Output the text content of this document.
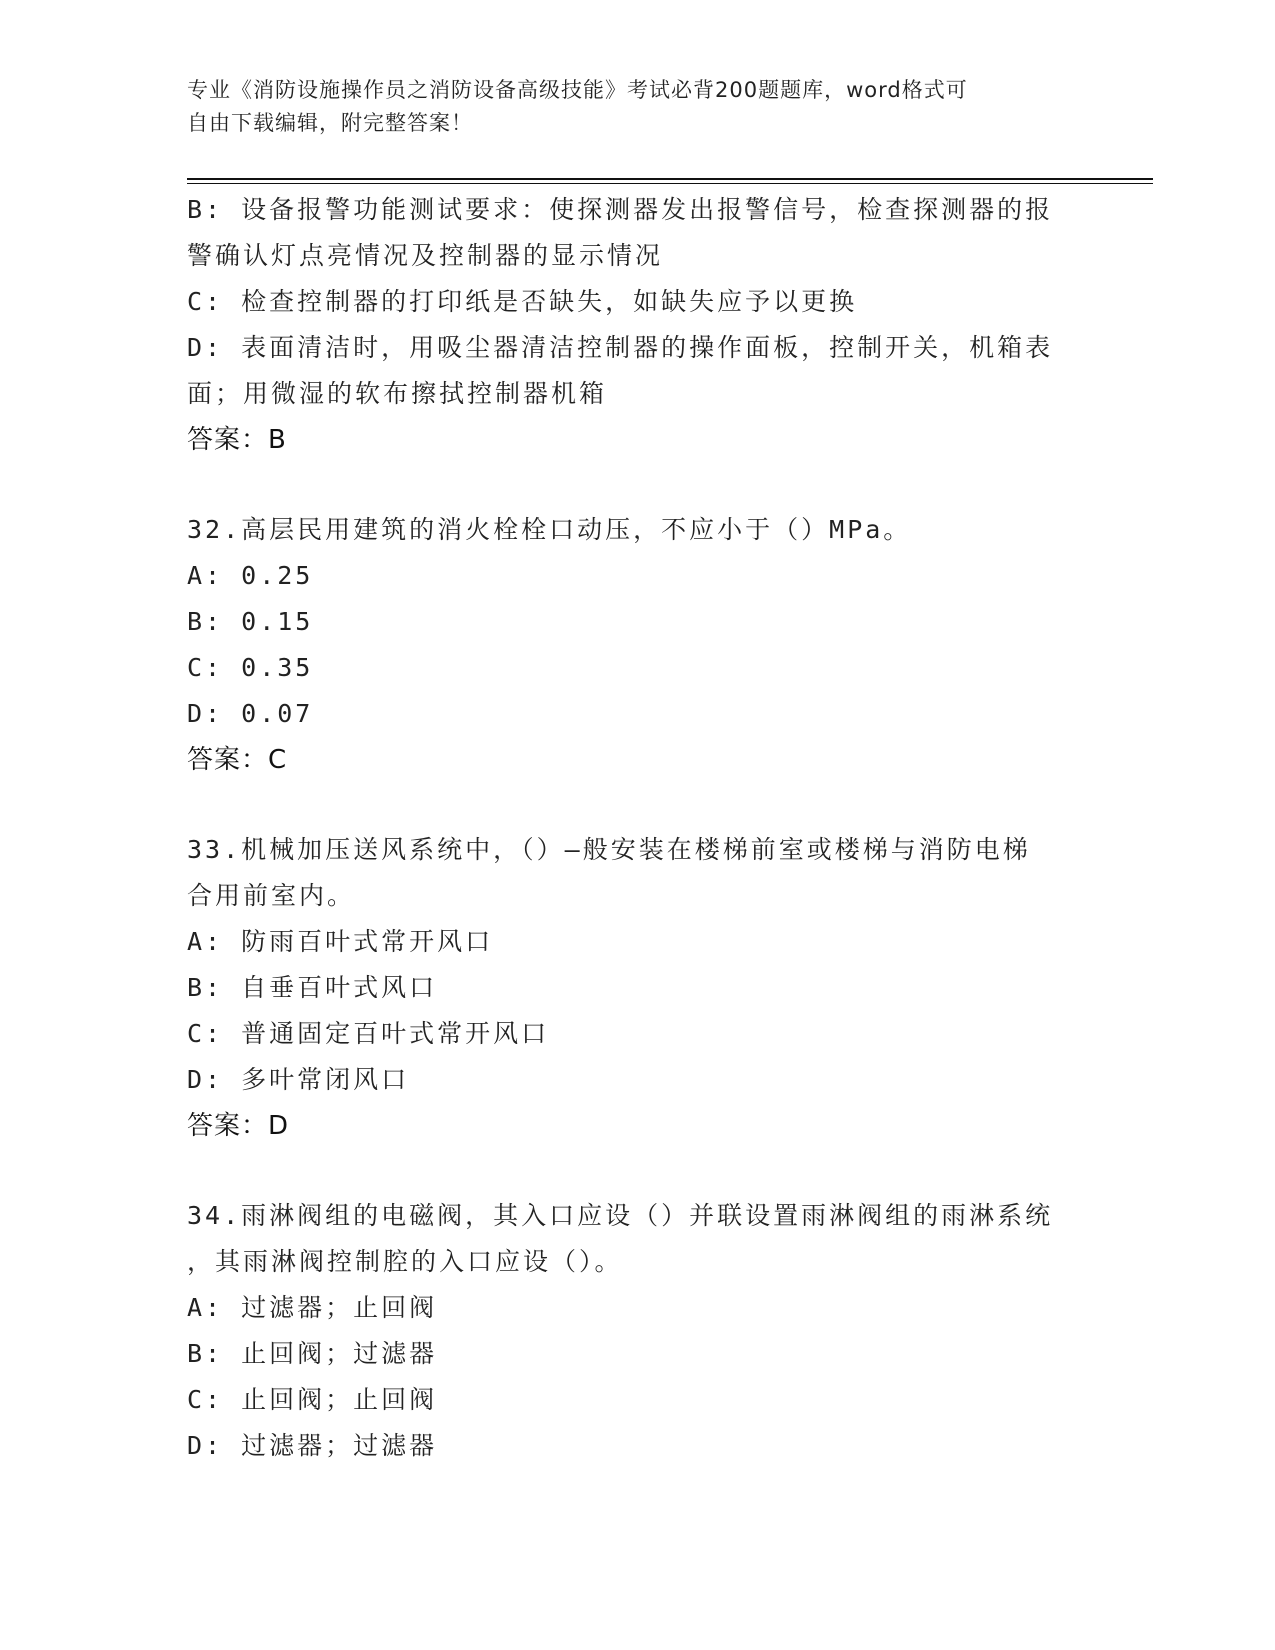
专业《消防设施操作员之消防设备高级技能》考试必背200题题库，word格式可
自由下载编辑，附完整答案！
B: 设备报警功能测试要求：使探测器发出报警信号，检查探测器的报
警确认灯点亮情况及控制器的显示情况
C: 检查控制器的打印纸是否缺失，如缺失应予以更换
D: 表面清洁时，用吸尘器清洁控制器的操作面板，控制开关，机箱表
面；用微湿的软布擦拭控制器机箱
答案：B
32.高层民用建筑的消火栓栓口动压，不应小于（）MPa。
A: 0.25
B: 0.15
C: 0.35
D: 0.07
答案：C
33.机械加压送风系统中，（）—般安装在楼梯前室或楼梯与消防电梯
合用前室内。
A: 防雨百叶式常开风口
B: 自垂百叶式风口
C: 普通固定百叶式常开风口
D: 多叶常闭风口
答案：D
34.雨淋阀组的电磁阀，其入口应设（）并联设置雨淋阀组的雨淋系统
，其雨淋阀控制腔的入口应设（）。
A: 过滤器；止回阀
B: 止回阀；过滤器
C: 止回阀；止回阀
D: 过滤器；过滤器
